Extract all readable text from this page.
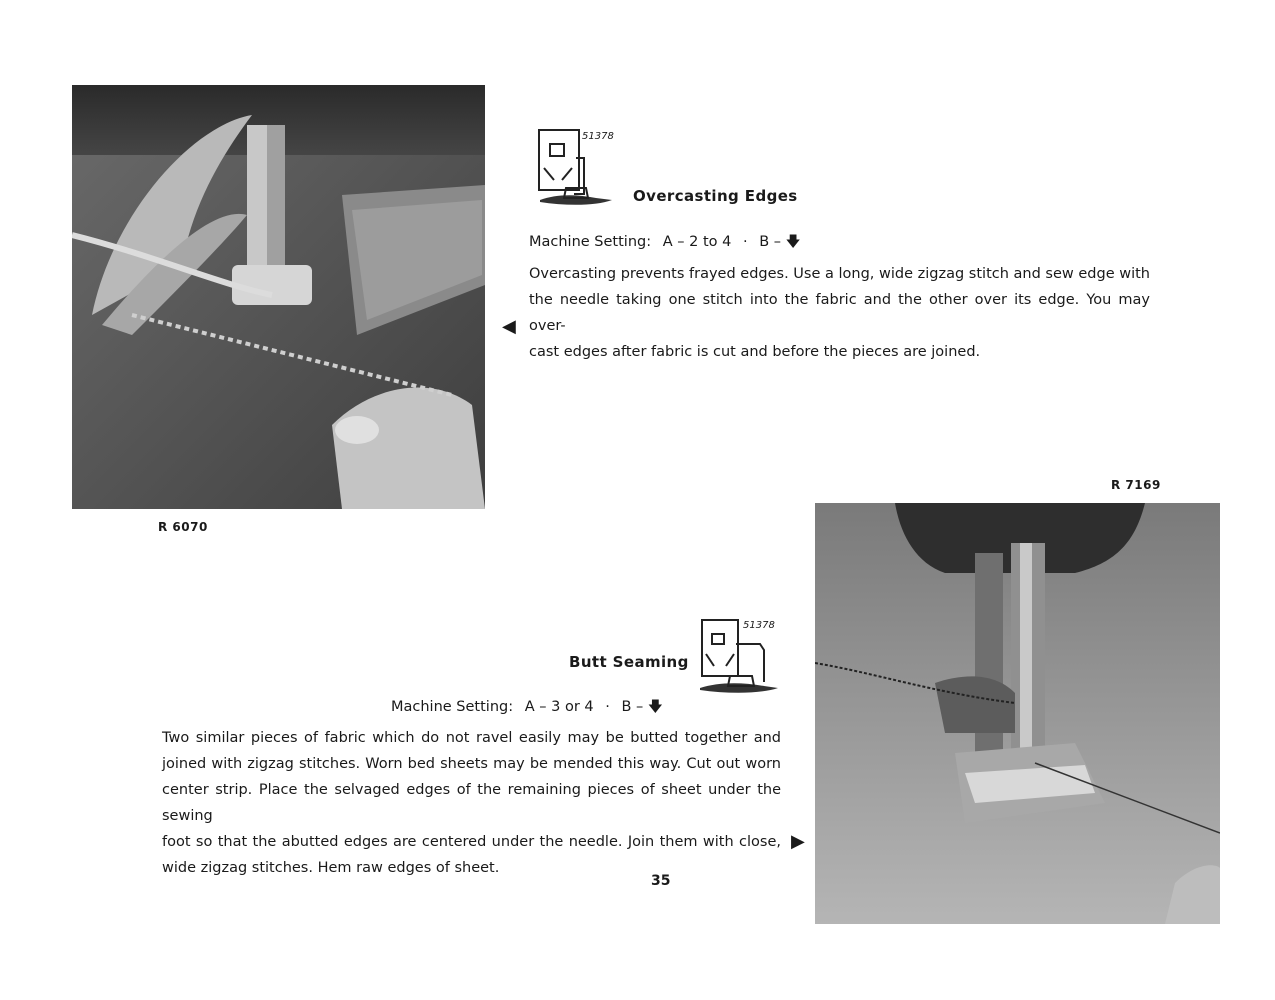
R 6070
51378
Overcasting Edges
Machine Setting: A – 2 to 4 · B – 🡇
Overcasting prevents frayed edges. Use a long, wide zigzag stitch and sew edge with
the needle taking one stitch into the fabric and the other over its edge. You may over-
cast edges after fabric is cut and before the pieces are joined.
◀
R 7169
51378
Butt Seaming
Machine Setting: A – 3 or 4 · B – 🡇
Two similar pieces of fabric which do not ravel easily may be butted together and
joined with zigzag stitches. Worn bed sheets may be mended this way. Cut out worn
center strip. Place the selvaged edges of the remaining pieces of sheet under the sewing
foot so that the abutted edges are centered under the needle. Join them with close,
wide zigzag stitches. Hem raw edges of sheet.
▶
35
